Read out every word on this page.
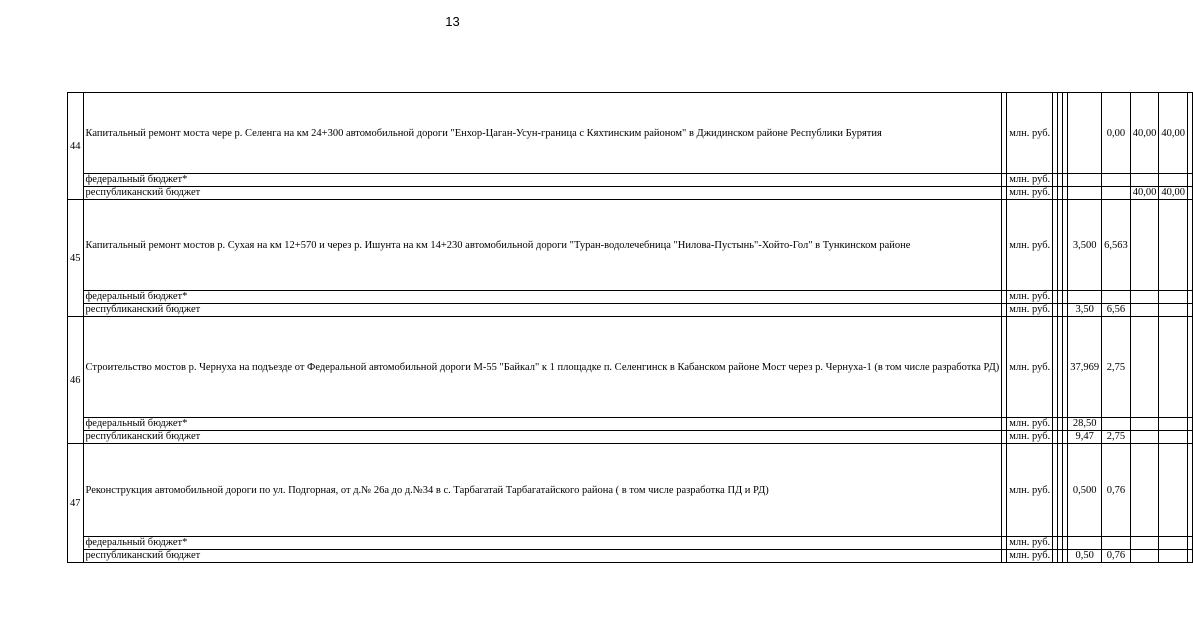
13
44	Капитальный ремонт моста чере р. Селенга на км 24+300 автомобильной дороги "Енхор-Цаган-Усун-граница с Кяхтинским районом" в Джидинском районе Республики Бурятия		млн. руб.					0,00	40,00	40,00	
	федеральный бюджет*		млн. руб.								
	республиканский бюджет		млн. руб.						40,00	40,00	
45	Капитальный ремонт мостов р. Сухая на км 12+570 и через р. Ишунта на км 14+230 автомобильной дороги "Туран-водолечебница "Нилова-Пустынь"-Хойто-Гол" в Тункинском районе		млн. руб.				3,500	6,563			
	федеральный бюджет*		млн. руб.								
	республиканский бюджет		млн. руб.				3,50	6,56			
46	Строительство мостов р. Чернуха на подъезде от Федеральной автомобильной дороги М-55 "Байкал" к 1 площадке п. Селенгинск в Кабанском районе Мост через р. Чернуха-1 (в том числе разработка РД)		млн. руб.				37,969	2,75			
	федеральный бюджет*		млн. руб.				28,50				
	республиканский бюджет		млн. руб.				9,47	2,75			
47	Реконструкция автомобильной дороги по ул. Подгорная, от д.№ 26а до д.№34 в с. Тарбагатай Тарбагатайского района ( в том числе разработка ПД и РД)		млн. руб.				0,500	0,76			
	федеральный бюджет*		млн. руб.								
	республиканский бюджет		млн. руб.				0,50	0,76			
